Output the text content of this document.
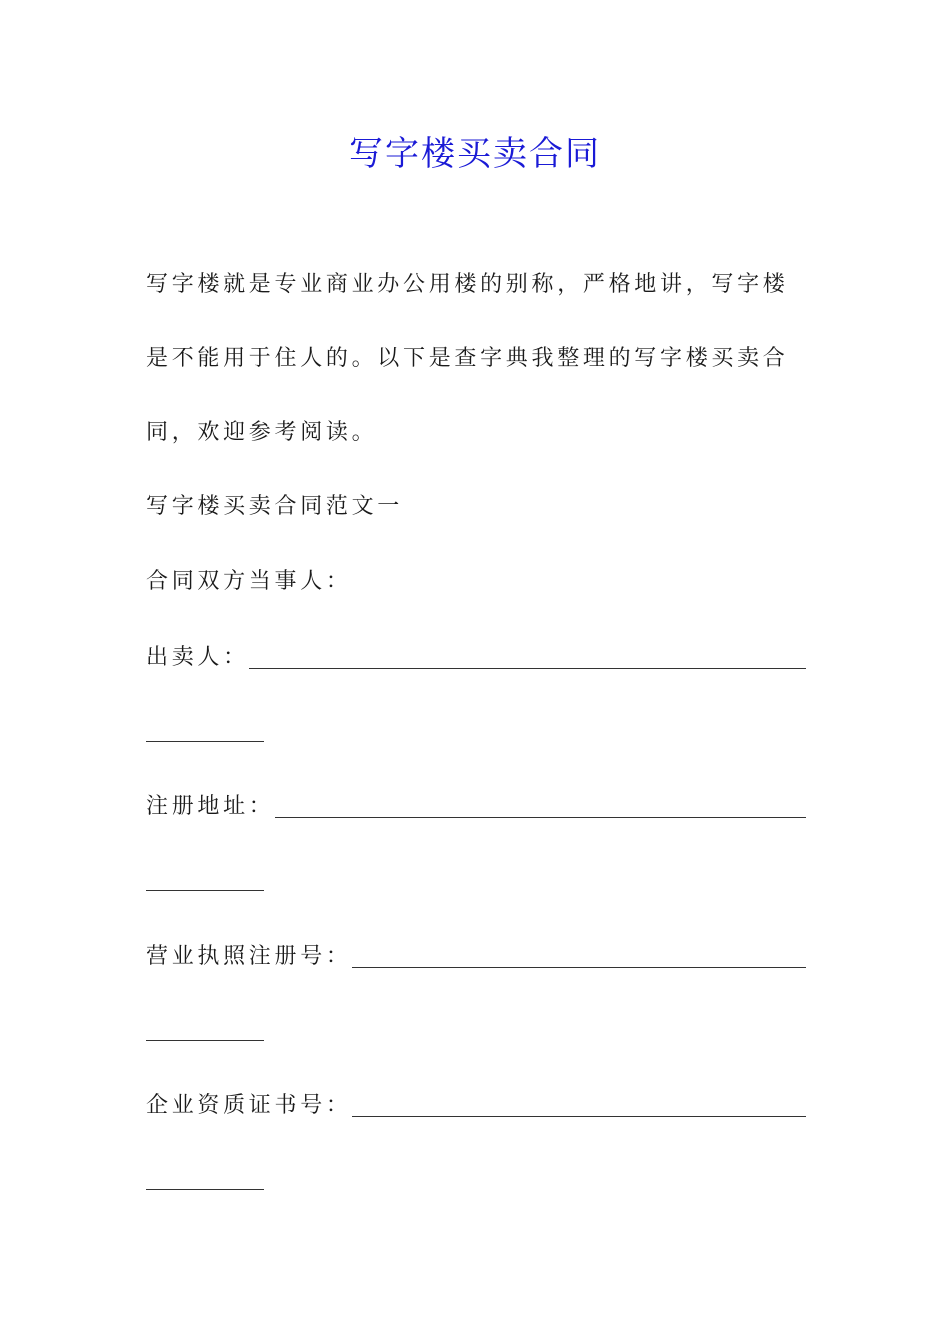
写字楼买卖合同

写字楼就是专业商业办公用楼的别称，严格地讲，写字楼是不能用于住人的。以下是查字典我整理的写字楼买卖合同，欢迎参考阅读。

写字楼买卖合同范文一

合同双方当事人：

出卖人：
注册地址：
营业执照注册号：
企业资质证书号：
